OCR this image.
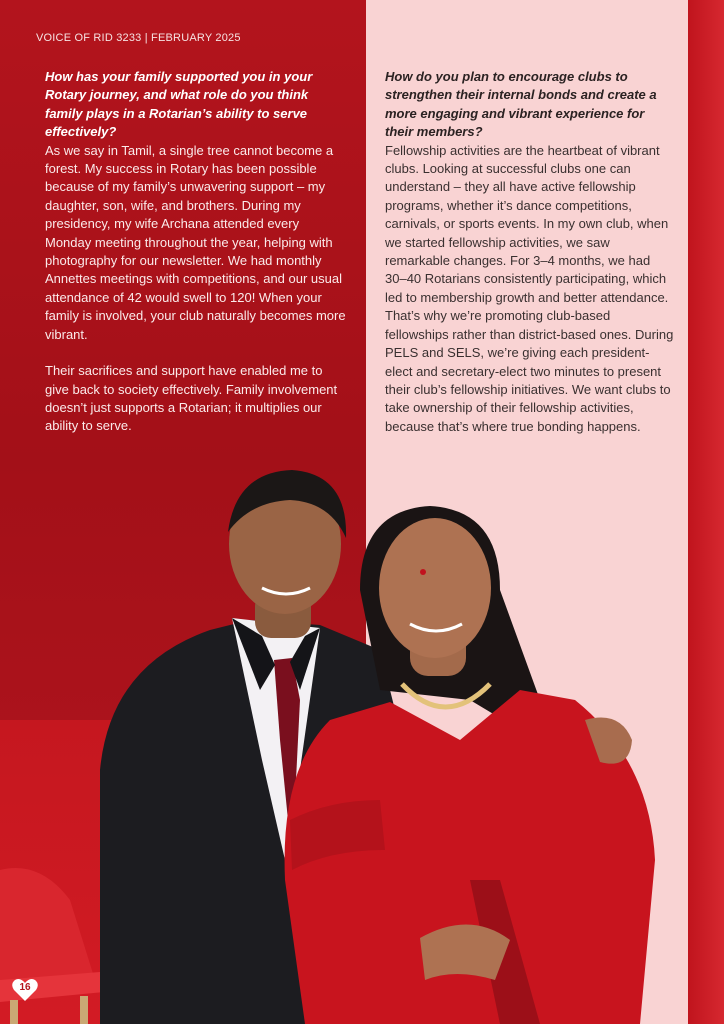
VOICE OF RID 3233 | FEBRUARY 2025

How has your family supported you in your Rotary journey, and what role do you think family plays in a Rotarian’s ability to serve effectively?

As we say in Tamil, a single tree cannot become a forest. My success in Rotary has been possible because of my family’s unwavering support – my daughter, son, wife, and brothers. During my presidency, my wife Archana attended every Monday meeting throughout the year, helping with photography for our newsletter. We had monthly Annettes meetings with competitions, and our usual attendance of 42 would swell to 120! When your family is involved, your club naturally becomes more vibrant.

Their sacrifices and support have enabled me to give back to society effectively. Family involvement doesn’t just supports a Rotarian; it multiplies our ability to serve.

How do you plan to encourage clubs to strengthen their internal bonds and create a more engaging and vibrant experience for their members?

Fellowship activities are the heartbeat of vibrant clubs. Looking at successful clubs one can understand – they all have active fellowship programs, whether it’s dance competitions, carnivals, or sports events. In my own club, when we started fellowship activities, we saw remarkable changes. For 3–4 months, we had 30–40 Rotarians consistently participating, which led to membership growth and better attendance. That’s why we’re promoting club-based fellowships rather than district-based ones. During PELS and SELS, we’re giving each president-elect and secretary-elect two minutes to present their club’s fellowship initiatives. We want clubs to take ownership of their fellowship activities, because that’s where true bonding happens.

16
